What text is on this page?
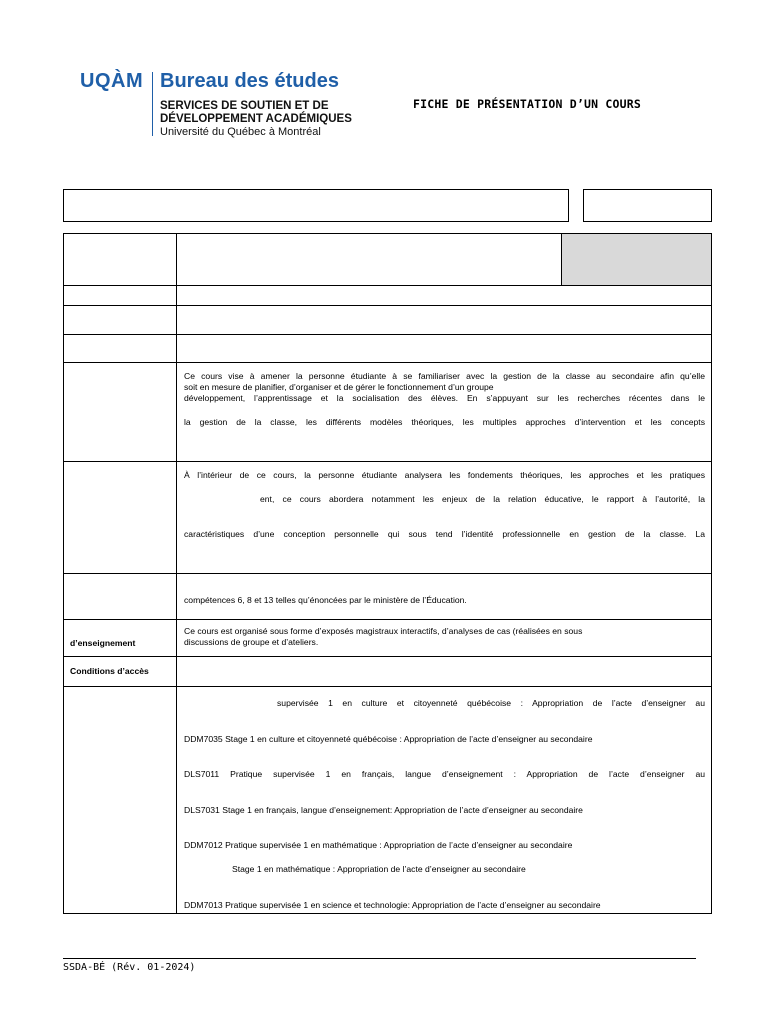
UQÀM Bureau des études
SERVICES DE SOUTIEN ET DE
DÉVELOPPEMENT ACADÉMIQUES
Université du Québec à Montréal
FICHE DE PRÉSENTATION D’UN COURS
Ce cours vise à amener la personne étudiante à se familiariser avec la gestion de la classe au secondaire afin qu’elle
soit en mesure de planifier, d’organiser et de gérer le fonctionnement d’un groupe
développement, l’apprentissage et la socialisation des élèves. En s’appuyant sur les recherches récentes dans le
la gestion de la classe, les différents modèles théoriques, les multiples approches d’intervention et les concepts
À l’intérieur de ce cours, la personne étudiante analysera les fondements théoriques, les approches et les pratiques
ent, ce cours abordera notamment les enjeux de la relation éducative, le rapport à l’autorité, la
caractéristiques d’une conception personnelle qui sous tend l’identité professionnelle en gestion de la classe. La
compétences 6, 8 et 13 telles qu’énoncées par le ministère de l’Éducation.
d’enseignement
Ce cours est organisé sous forme d’exposés magistraux interactifs, d’analyses de cas (réalisées en sous
discussions de groupe et d’ateliers.
Conditions d’accès
supervisée 1 en culture et citoyenneté québécoise : Appropriation de l’acte d’enseigner au
DDM7035 Stage 1 en culture et citoyenneté québécoise : Appropriation de l’acte d’enseigner au secondaire
DLS7011 Pratique supervisée 1 en français, langue d’enseignement : Appropriation de l’acte d’enseigner au
DLS7031 Stage 1 en français, langue d’enseignement: Appropriation de l’acte d’enseigner au secondaire
DDM7012 Pratique supervisée 1 en mathématique : Appropriation de l’acte d’enseigner au secondaire
Stage 1 en mathématique : Appropriation de l’acte d’enseigner au secondaire
DDM7013 Pratique supervisée 1 en science et technologie: Appropriation de l’acte d’enseigner au secondaire
SSDA-BÉ (Rév. 01-2024)
